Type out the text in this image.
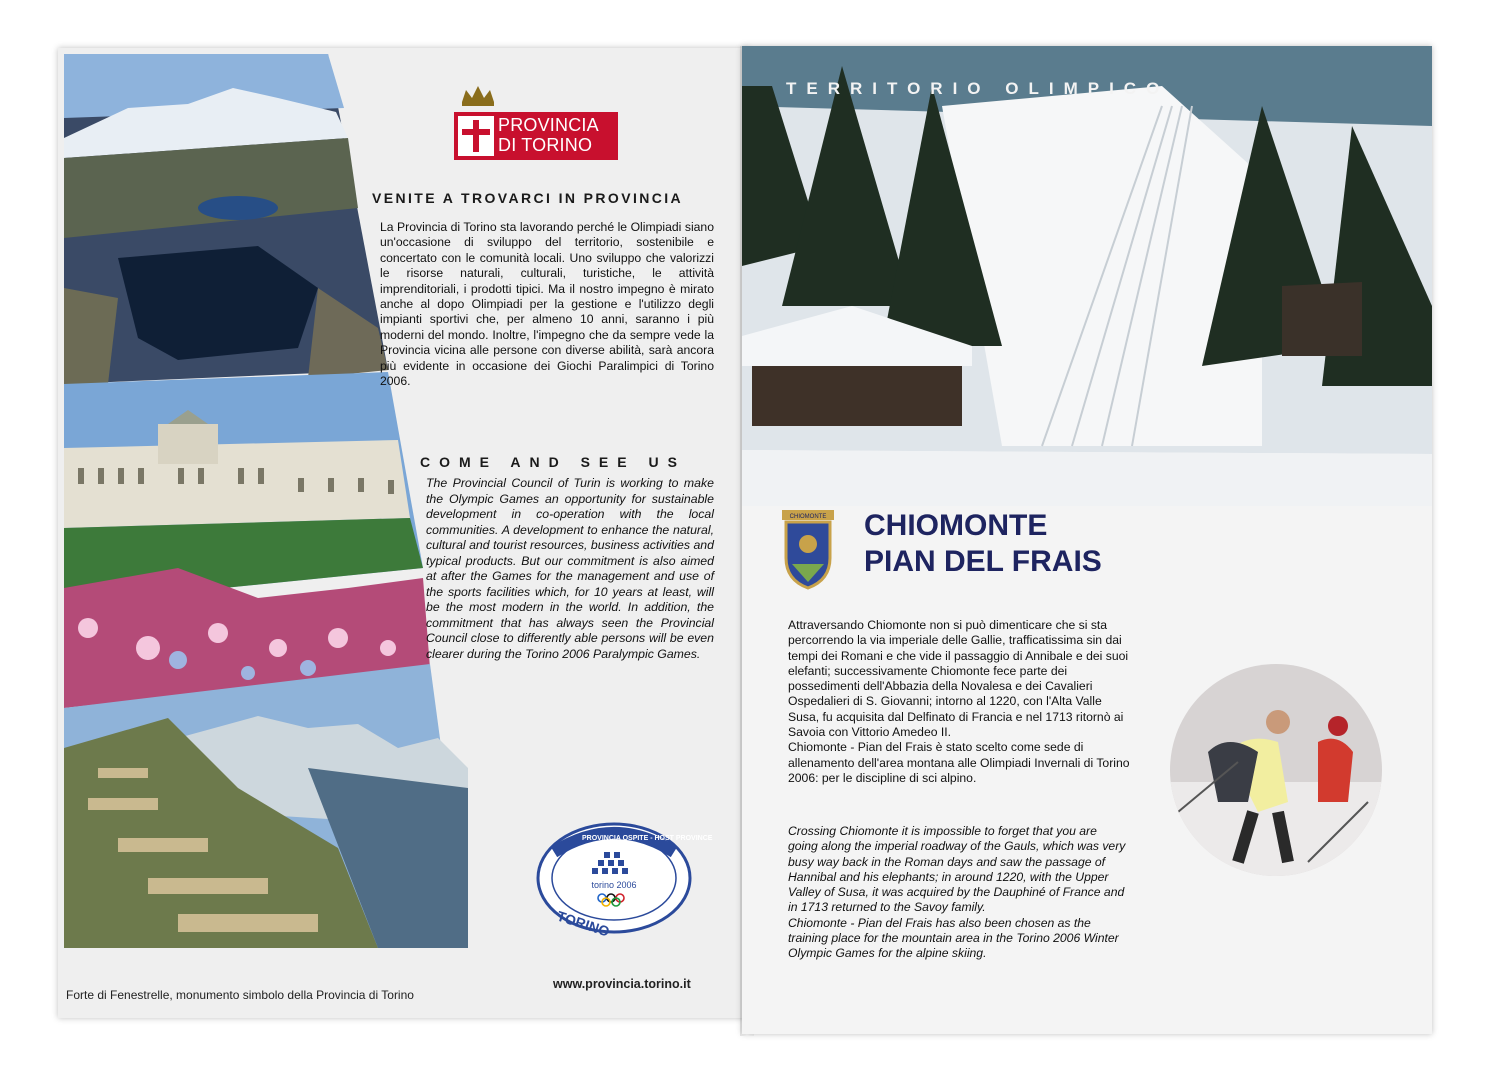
Forte di Fenestrelle, monumento simbolo della Provincia di Torino
PROVINCIA
DI TORINO
VENITE A TROVARCI IN PROVINCIA
La Provincia di Torino sta lavorando perché le Olimpiadi siano un'occasione di sviluppo del territorio, sostenibile e concertato con le comunità locali. Uno sviluppo che valorizzi le risorse naturali, culturali, turistiche, le attività imprenditoriali, i prodotti tipici. Ma il nostro impegno è mirato anche al dopo Olimpiadi per la gestione e l'utilizzo degli impianti sportivi che, per almeno 10 anni, saranno i più moderni del mondo. Inoltre, l'impegno che da sempre vede la Provincia vicina alle persone con diverse abilità, sarà ancora più evidente in occasione dei Giochi Paralimpici di Torino 2006.
COME AND SEE US
The Provincial Council of Turin is working to make the Olympic Games an opportunity for sustainable development in co-operation with the local communities. A development to enhance the natural, cultural and tourist resources, business activities and typical products. But our commitment is also aimed at after the Games for the management and use of the sports facilities which, for 10 years at least, will be the most modern in the world. In addition, the commitment that has always seen the Provincial Council close to differently able persons will be even clearer during the Torino 2006 Paralympic Games.
torino 2006
TORINO
PROVINCIA OSPITE - HOST PROVINCE
www.provincia.torino.it
TERRITORIO OLIMPICO
CHIOMONTE CHIOMONTE
PIAN DEL FRAIS
Attraversando Chiomonte non si può dimenticare che si sta percorrendo la via imperiale delle Gallie, trafficatissima sin dai tempi dei Romani e che vide il passaggio di Annibale e dei suoi elefanti; successivamente Chiomonte fece parte dei possedimenti dell'Abbazia della Novalesa e dei Cavalieri Ospedalieri di S. Giovanni; intorno al 1220, con l'Alta Valle Susa, fu acquisita dal Delfinato di Francia e nel 1713 ritornò ai Savoia con Vittorio Amedeo II.
Chiomonte - Pian del Frais è stato scelto come sede di allenamento dell'area montana alle Olimpiadi Invernali di Torino 2006: per le discipline di sci alpino.
Crossing Chiomonte it is impossible to forget that you are going along the imperial roadway of the Gauls, which was very busy way back in the Roman days and saw the passage of Hannibal and his elephants; in around 1220, with the Upper Valley of Susa, it was acquired by the Dauphiné of France and in 1713 returned to the Savoy family.
Chiomonte - Pian del Frais has also been chosen as the training place for the mountain area in the Torino 2006 Winter Olympic Games for the alpine skiing.
